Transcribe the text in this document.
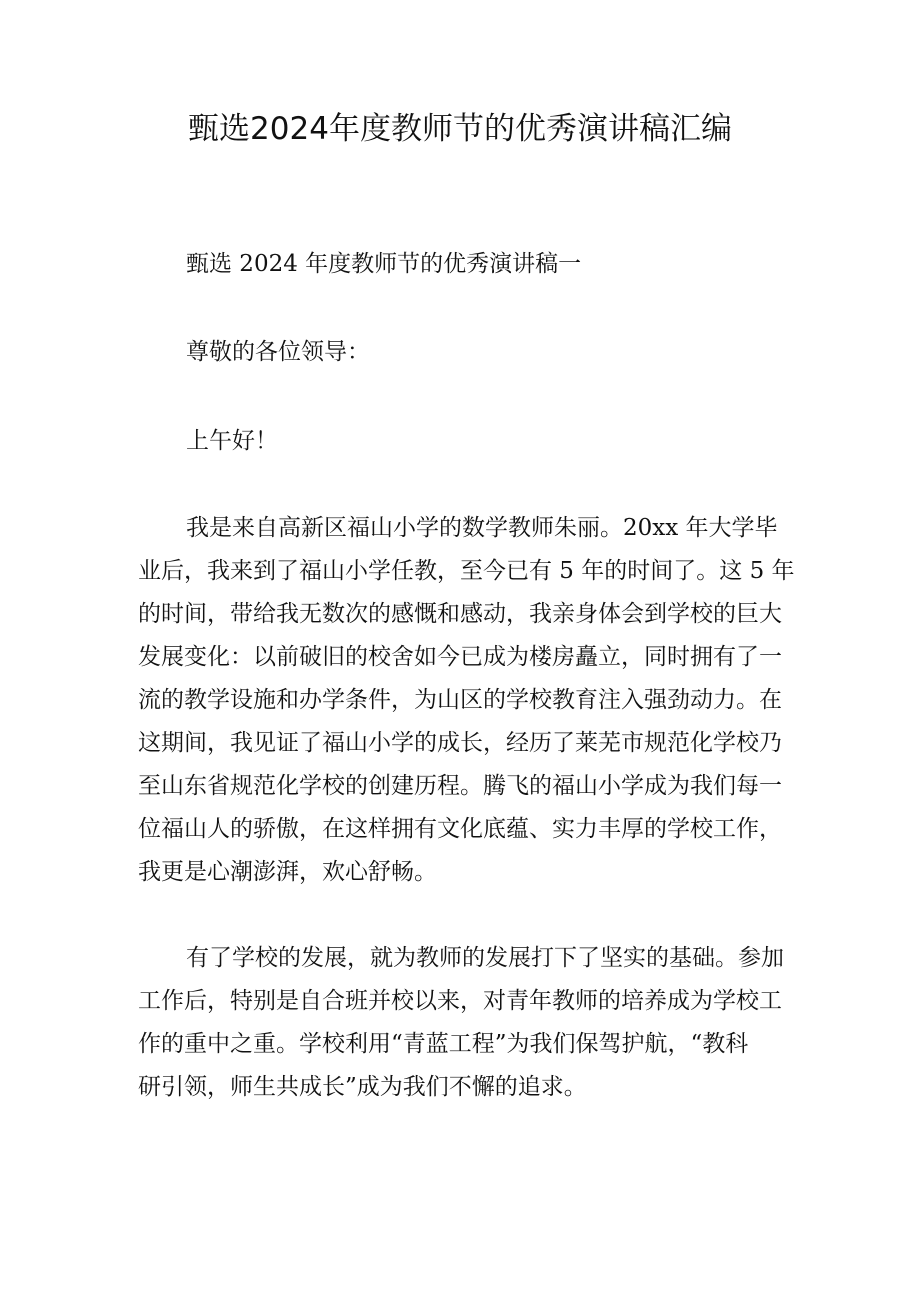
甄选2024年度教师节的优秀演讲稿汇编
甄选 2024 年度教师节的优秀演讲稿一
尊敬的各位领导：
上午好！
我是来自高新区福山小学的数学教师朱丽。20xx 年大学毕
业后，我来到了福山小学任教，至今已有 5 年的时间了。这 5 年
的时间，带给我无数次的感慨和感动，我亲身体会到学校的巨大
发展变化：以前破旧的校舍如今已成为楼房矗立，同时拥有了一
流的教学设施和办学条件，为山区的学校教育注入强劲动力。在
这期间，我见证了福山小学的成长，经历了莱芜市规范化学校乃
至山东省规范化学校的创建历程。腾飞的福山小学成为我们每一
位福山人的骄傲，在这样拥有文化底蕴、实力丰厚的学校工作，
我更是心潮澎湃，欢心舒畅。
有了学校的发展，就为教师的发展打下了坚实的基础。参加
工作后，特别是自合班并校以来，对青年教师的培养成为学校工
作的重中之重。学校利用“青蓝工程”为我们保驾护航，“教科
研引领，师生共成长”成为我们不懈的追求。
